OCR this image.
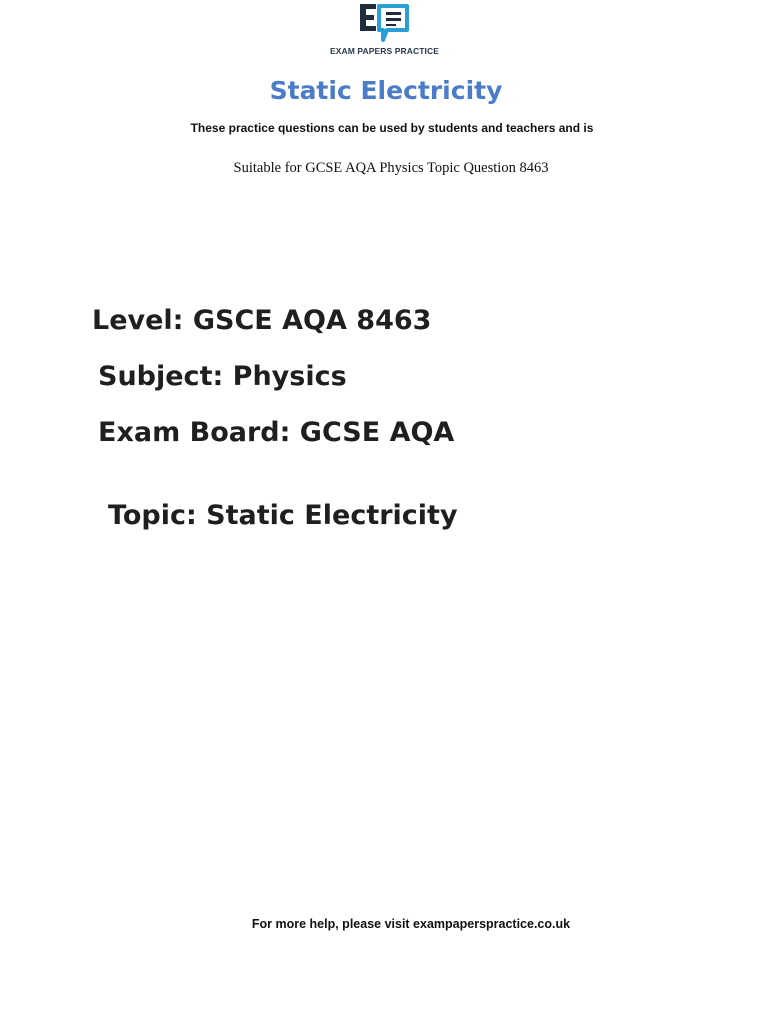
EXAM PAPERS PRACTICE
Static Electricity
These practice questions can be used by students and teachers and is
Suitable for GCSE AQA Physics Topic Question 8463
Level: GSCE AQA 8463
Subject: Physics
Exam Board: GCSE AQA
Topic: Static Electricity
For more help, please visit exampaperspractice.co.uk
